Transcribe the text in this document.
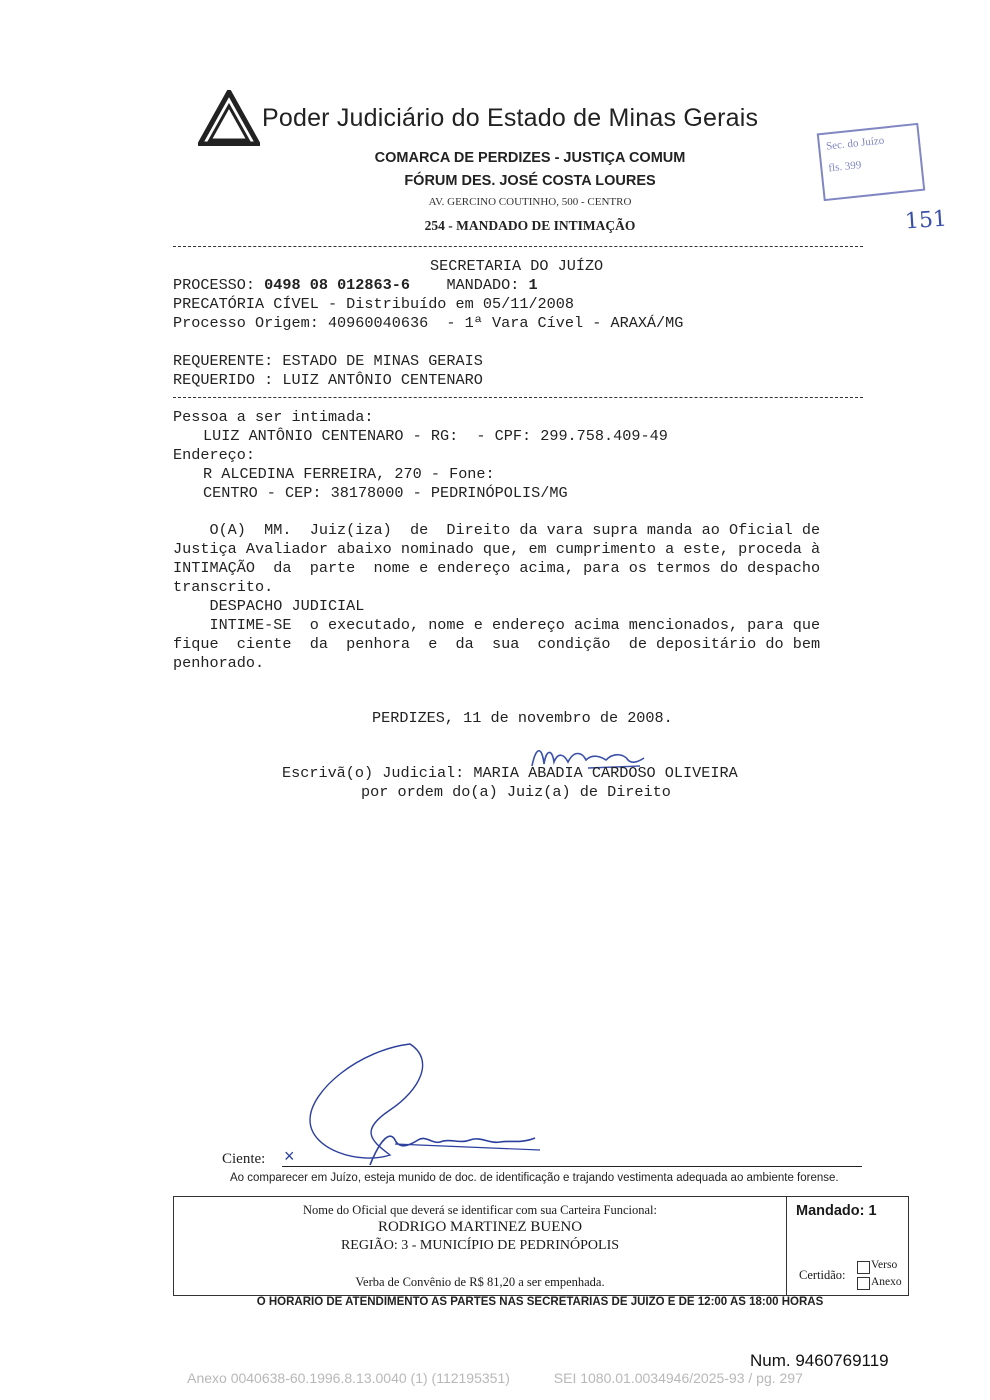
Poder Judiciário do Estado de Minas Gerais
COMARCA DE PERDIZES - JUSTIÇA COMUM
FÓRUM DES. JOSÉ COSTA LOURES
AV. GERCINO COUTINHO, 500 - CENTRO
254 - MANDADO DE INTIMAÇÃO
Sec. do Juízo
fls. 399
151
SECRETARIA DO JUÍZO
PROCESSO: 0498 08 012863-6 MANDADO: 1
PRECATÓRIA CÍVEL - Distribuído em 05/11/2008
Processo Origem: 40960040636  - 1ª Vara Cível - ARAXÁ/MG
REQUERENTE: ESTADO DE MINAS GERAIS
REQUERIDO : LUIZ ANTÔNIO CENTENARO
Pessoa a ser intimada:
LUIZ ANTÔNIO CENTENARO - RG:  - CPF: 299.758.409-49
Endereço:
R ALCEDINA FERREIRA, 270 - Fone:
CENTRO - CEP: 38178000 - PEDRINÓPOLIS/MG
O(A)  MM.  Juiz(iza)  de  Direito da vara supra manda ao Oficial de
Justiça Avaliador abaixo nominado que, em cumprimento a este, proceda à
INTIMAÇÃO  da  parte  nome e endereço acima, para os termos do despacho
transcrito.
DESPACHO JUDICIAL
INTIME-SE  o executado, nome e endereço acima mencionados, para que
fique  ciente  da  penhora  e  da  sua  condição  de depositário do bem
penhorado.
PERDIZES, 11 de novembro de 2008.
Escrivã(o) Judicial: MARIA ABADIA CARDOSO OLIVEIRA
por ordem do(a) Juiz(a) de Direito
Ciente: ×
Ao comparecer em Juízo, esteja munido de doc. de identificação e trajando vestimenta adequada ao ambiente forense.
Nome do Oficial que deverá se identificar com sua Carteira Funcional:
RODRIGO MARTINEZ BUENO
REGIÃO: 3 - MUNICÍPIO DE PEDRINÓPOLIS
Verba de Convênio de R$ 81,20 a ser empenhada.
Mandado: 1
Certidão:
Verso
Anexo
O HORARIO DE ATENDIMENTO AS PARTES NAS SECRETARIAS DE JUIZO E DE 12:00 AS 18:00 HORAS
Num. 9460769119
Anexo 0040638-60.1996.8.13.0040 (1) (112195351)	SEI 1080.01.0034946/2025-93 / pg. 297
